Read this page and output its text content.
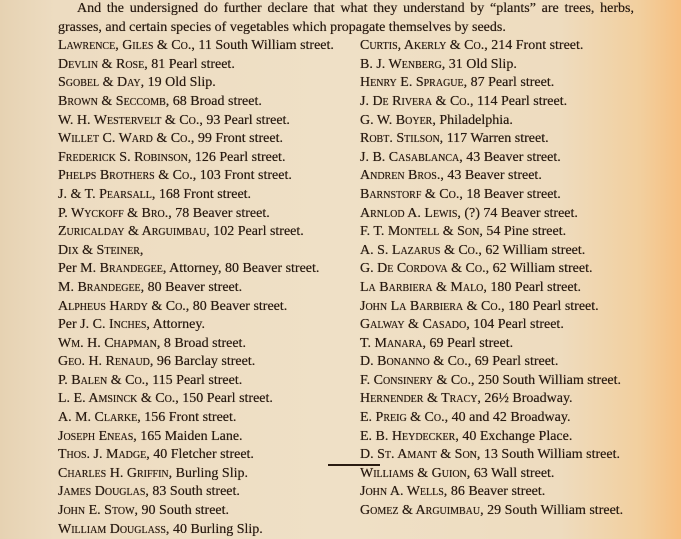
And the undersigned do further declare that what they understand by “plants” are trees, herbs, grasses, and certain species of vegetables which propagate themselves by seeds.

Lawrence, Giles & Co., 11 South William street.
Devlin & Rose, 81 Pearl street.
Sgobel & Day, 19 Old Slip.
Brown & Seccomb, 68 Broad street.
W. H. Westervelt & Co., 93 Pearl street.
Willet C. Ward & Co., 99 Front street.
Frederick S. Robinson, 126 Pearl street.
Phelps Brothers & Co., 103 Front street.
J. & T. Pearsall, 168 Front street.
P. Wyckoff & Bro., 78 Beaver street.
Zuricalday & Arguimbau, 102 Pearl street.
Dix & Steiner,
Per M. Brandegee, Attorney, 80 Beaver street.
M. Brandegee, 80 Beaver street.
Alpheus Hardy & Co., 80 Beaver street.
Per J. C. Inches, Attorney.
Wm. H. Chapman, 8 Broad street.
Geo. H. Renaud, 96 Barclay street.
P. Balen & Co., 115 Pearl street.
L. E. Amsinck & Co., 150 Pearl street.
A. M. Clarke, 156 Front street.
Joseph Eneas, 165 Maiden Lane.
Thos. J. Madge, 40 Fletcher street.
Charles H. Griffin, Burling Slip.
James Douglas, 83 South street.
John E. Stow, 90 South street.
William Douglass, 40 Burling Slip.
Curtis, Akerly & Co., 214 Front street.
B. J. Wenberg, 31 Old Slip.
Henry E. Sprague, 87 Pearl street.
J. De Rivera & Co., 114 Pearl street.
G. W. Boyer, Philadelphia.
Robt. Stilson, 117 Warren street.
J. B. Casablanca, 43 Beaver street.
Andren Bros., 43 Beaver street.
Barnstorf & Co., 18 Beaver street.
Arnlod A. Lewis, (?) 74 Beaver street.
F. T. Montell & Son, 54 Pine street.
A. S. Lazarus & Co., 62 William street.
G. De Cordova & Co., 62 William street.
La Barbiera & Malo, 180 Pearl street.
John La Barbiera & Co., 180 Pearl street.
Galway & Casado, 104 Pearl street.
T. Manara, 69 Pearl street.
D. Bonanno & Co., 69 Pearl street.
F. Consinery & Co., 250 South William street.
Hernender & Tracy, 26½ Broadway.
E. Preig & Co., 40 and 42 Broadway.
E. B. Heydecker, 40 Exchange Place.
D. St. Amant & Son, 13 South William street.
Williams & Guion, 63 Wall street.
John A. Wells, 86 Beaver street.
Gomez & Arguimbau, 29 South William street.
